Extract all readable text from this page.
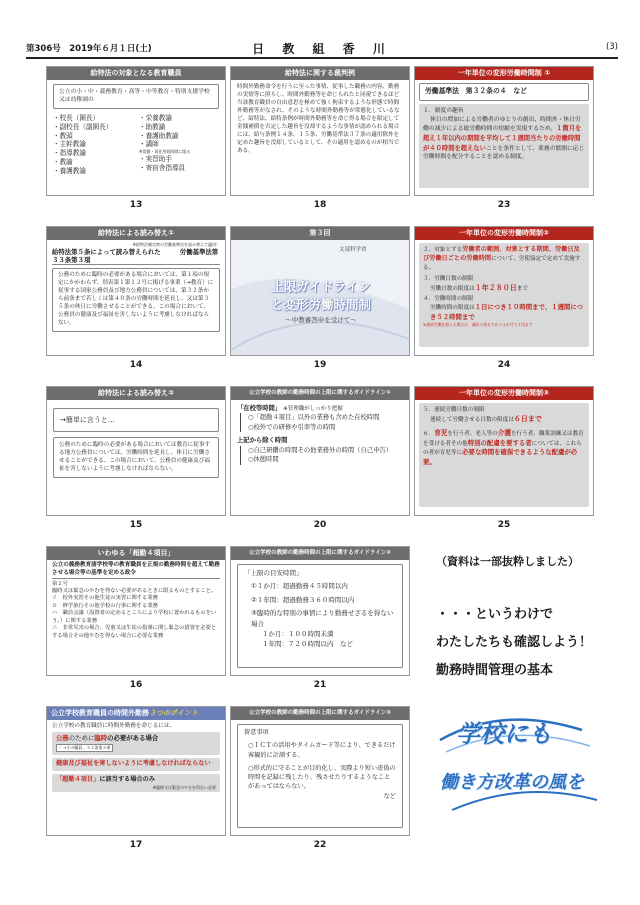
第306号　2019年６月１日(土)	日 教 組 香 川	(3)
給特法の対象となる教育職員
公立の小・中・義務教育・高等・中等教育・特別支援学校又は幼稚園の
・校長（園長）
・副校長（副園長）
・教頭
・主幹教諭
・指導教諭
・教諭
・養護教諭
・栄養教諭
・助教諭
・養護助教諭
・講師
※常勤・再任用短時間に限る
・実習助手
・寄宿舎指導員
13
給特法に関する裁判例
時間外勤務命令を行うに至った事情、従事した職務の内容、勤務の実情等に照らし、時間外勤務等を命じられたと同視できるほど当該教育職員の自由意思を極めて強く拘束するような形態で時間外勤務等がなされ、そのような時間外勤務等が常態化しているなど、給特法、給特条例が時間外勤務等を命じ得る場合を限定して金銭補償を否定した趣旨を没却するような事情が認められる場合には、給与条例１４条、１５条、労働基準法３７条の適用除外を定めた趣旨を没却しているとして、その適用を認めるのが相当である。
18
一年単位の変形労働時間制 ①
労働基準法　第３２条の４　など
１．制度の趣旨
休日の増加による労働者のゆとりの創出、時間外・休日労働の減少による総労働時間の短縮を実現するため、１箇月を超え１年以内の期間を平均して１週間当たりの労働時間が４０時間を超えないことを条件として、業務の繁閑に応じ労働時間を配分することを認める制度。
23
給特法による読み替え①
※給特法制定時の労働基準法を読み替えて適用！
給特法第５条によって読み替えられた　　　労働基準法第３３条第３項
公務のために臨時の必要がある場合においては、第１項の規定にかかわらず、別表第１第１２号に掲げる事業（→教育）に従事する国家公務員及び地方公務員については、第３２条から前条まで若しくは第４０条の労働時間を延長し、又は第３５条の休日に労働させることができる。この場合において、公務員の健康及び福祉を害しないように考慮しなければならない。
14
第３回
文部科学省
上限ガイドライン
と変形労働時間制
～中教審答申を受けて～
19
一年単位の変形労働時間制②
２．対象とする労働者の範囲、対象とする期間、労働日及び労働日ごとの労働時間について、労使協定で定めて実施する。
３．労働日数の制限
労働日数の限度は１年２８０日まで
４．労働時間の制限
労働時間の限度は１日につき１０時間まで、１週間につき５２時間まで
※連続労働を超える場合は、連続３週までかつ３か月で３回まで
24
給特法による読み替え②
→簡単に言うと…
公務のために臨時の必要がある場合においては教育に従事する地方公務員については、労働時間を延長し、休日に労働させることができる。この場合において、公務員の健康及び福祉を害しないように考慮しなければならない。
15
公立学校の教師の勤務時間の上限に関するガイドライン①
「在校等時間」 ※管理職がしっかり把握
○「超勤４項目」以外の業務も含めた在校時間
○校外での研修や引率等の時間
上記から除く時間
○自己研鑽の時間その他業務外の時間（自己申告）
○休憩時間
20
一年単位の変形労働時間制③
５．連続労働日数の制限
連続して労働させる日数の限度は６日まで
６．育児を行う者、老人等の介護を行う者、職業訓練又は教育を受ける者その他特別の配慮を要する者については、これらの者が育児等に必要な時間を確保できるような配慮が必要。
25
いわゆる「超勤４項目」
公立の義務教育諸学校等の教育職員を正規の勤務時間を超えて勤務させる場合等の基準を定める政令
第２号
臨時又は緊急のやむを得ない必要があるときに限るものとすること。
イ　校外実習その他生徒の実習に関する業務
ロ　修学旅行その他学校の行事に関する業務
ハ　職員会議（設置者の定めるところにより学校に置かれるものをいう。）に関する業務
ニ　非常災害の場合、児童又は生徒の指導に関し緊急の措置を必要とする場合その他やむを得ない場合に必要な業務
16
公立学校の教師の勤務時間の上限に関するガイドライン②
「上限の目安時間」
①１か月：超過勤務４５時間以内
②１年間：超過勤務３６０時間以内
③臨時的な特別の事情により勤務せざるを得ない場合
１か月：１００時間未満
１年間：７２０時間以内　など
21
公立学校教育職員の時間外勤務３つのポイント
公立学校の教育職員に時間外勤務を命じるには、
公務のために臨時の必要がある場合 ！→その職員、３３条第３項
健康及び福祉を害しないように考慮しなければならない
「超勤４項目」に該当する場合のみ
※臨時又は緊急のやむを得ない必要
17
公立学校の教師の勤務時間の上限に関するガイドライン③
留意事項
○ＩＣＴの活用やタイムカード等により、できるだけ客観的に計測する。
○形式的に守ることが目的化し、実際より短い虚偽の時間を記録に残したり、残させたりするようなことがあってはならない。
など
22
（資料は一部抜粋しました）
・・・というわけで
わたしたちも確認しよう！
勤務時間管理の基本
学校にも
働き方改革の風を
